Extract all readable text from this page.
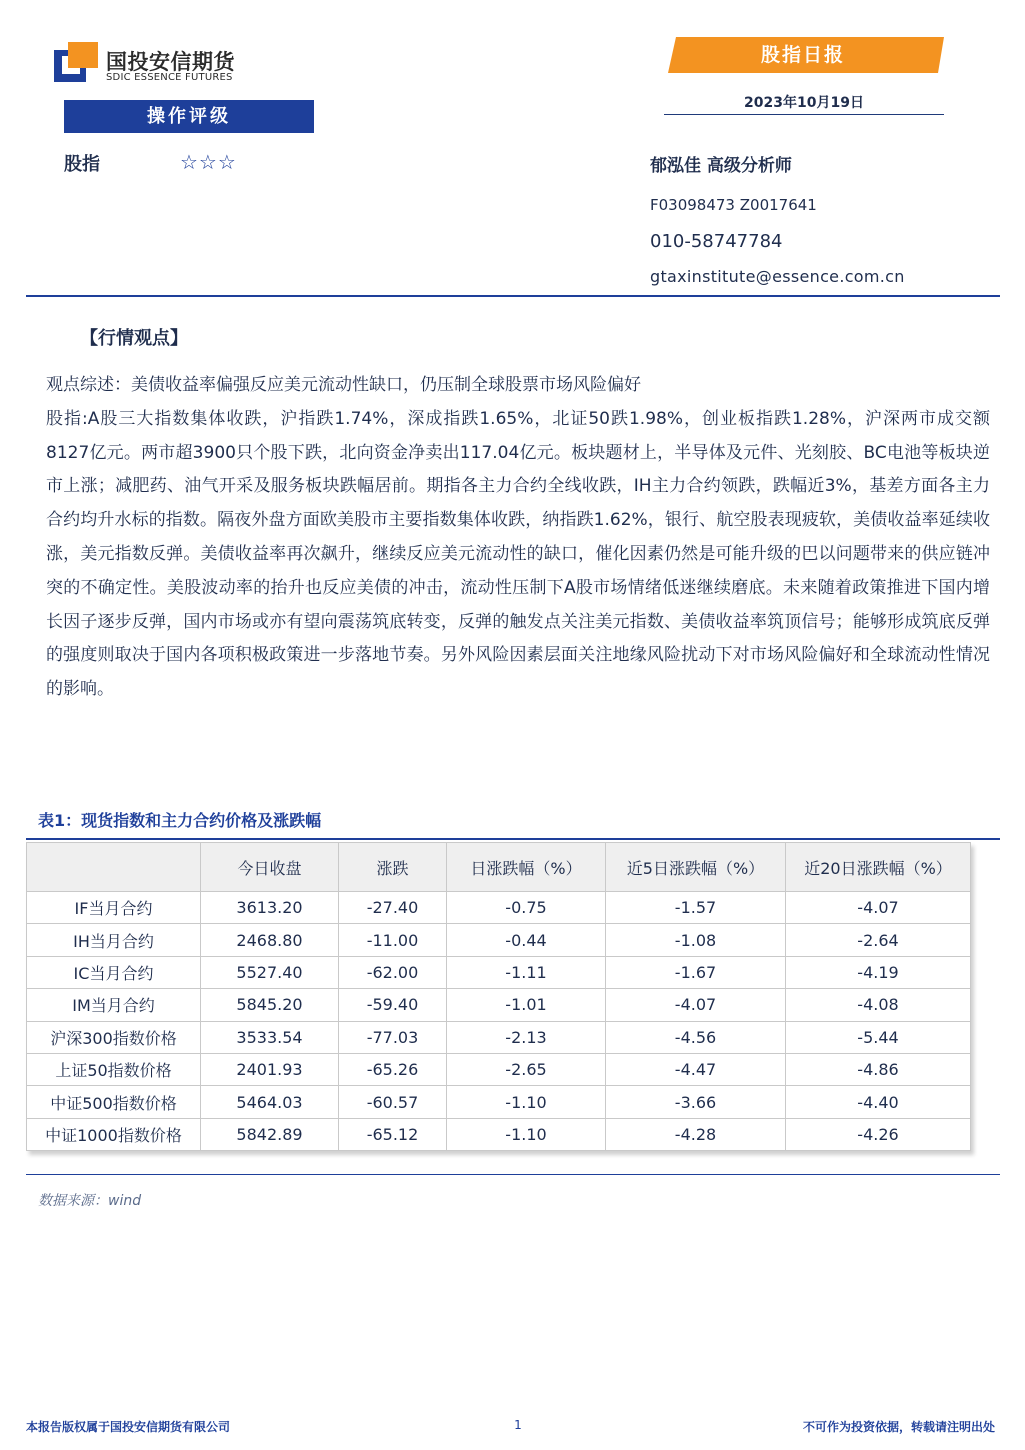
国投安信期货
SDIC ESSENCE FUTURES
股指日报
2023年10月19日
操作评级
股指	☆☆☆	郁泓佳 高级分析师
F03098473 Z0017641
010-58747784
gtaxinstitute@essence.com.cn
【行情观点】

观点综述：美债收益率偏强反应美元流动性缺口，仍压制全球股票市场风险偏好

股指:A股三大指数集体收跌，沪指跌1.74%，深成指跌1.65%，北证50跌1.98%，创业板指跌1.28%，沪深两市成交额8127亿元。两市超3900只个股下跌，北向资金净卖出117.04亿元。板块题材上，半导体及元件、光刻胶、BC电池等板块逆市上涨；减肥药、油气开采及服务板块跌幅居前。期指各主力合约全线收跌，IH主力合约领跌，跌幅近3%，基差方面各主力合约均升水标的指数。隔夜外盘方面欧美股市主要指数集体收跌，纳指跌1.62%，银行、航空股表现疲软，美债收益率延续收涨，美元指数反弹。美债收益率再次飙升，继续反应美元流动性的缺口，催化因素仍然是可能升级的巴以问题带来的供应链冲突的不确定性。美股波动率的抬升也反应美债的冲击，流动性压制下A股市场情绪低迷继续磨底。未来随着政策推进下国内增长因子逐步反弹，国内市场或亦有望向震荡筑底转变，反弹的触发点关注美元指数、美债收益率筑顶信号；能够形成筑底反弹的强度则取决于国内各项积极政策进一步落地节奏。另外风险因素层面关注地缘风险扰动下对市场风险偏好和全球流动性情况的影响。

表1：现货指数和主力合约价格及涨跌幅
	今日收盘	涨跌	日涨跌幅（%）	近5日涨跌幅（%）	近20日涨跌幅（%）
IF当月合约	3613.20	-27.40	-0.75	-1.57	-4.07
IH当月合约	2468.80	-11.00	-0.44	-1.08	-2.64
IC当月合约	5527.40	-62.00	-1.11	-1.67	-4.19
IM当月合约	5845.20	-59.40	-1.01	-4.07	-4.08
沪深300指数价格	3533.54	-77.03	-2.13	-4.56	-5.44
上证50指数价格	2401.93	-65.26	-2.65	-4.47	-4.86
中证500指数价格	5464.03	-60.57	-1.10	-3.66	-4.40
中证1000指数价格	5842.89	-65.12	-1.10	-4.28	-4.26
数据来源：wind
本报告版权属于国投安信期货有限公司	1	不可作为投资依据，转载请注明出处
